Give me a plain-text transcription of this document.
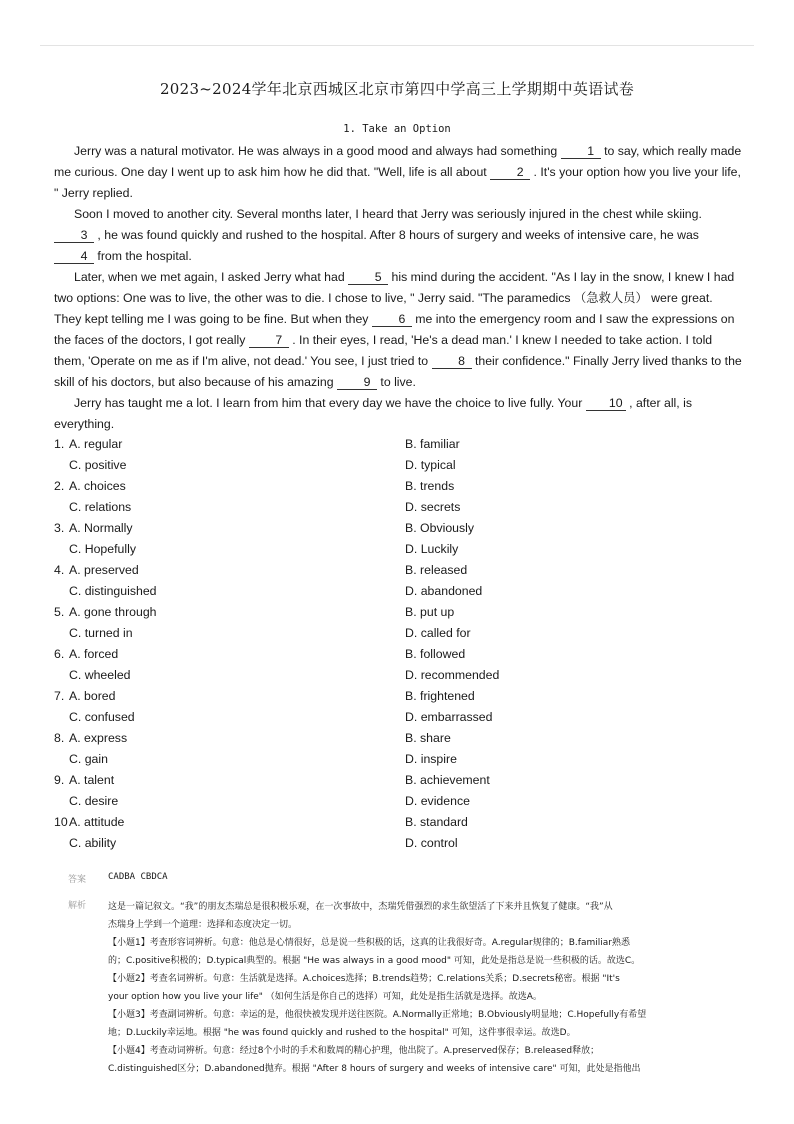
2023~2024学年北京西城区北京市第四中学高三上学期期中英语试卷
1. Take an Option

Jerry was a natural motivator. He was always in a good mood and always had something 1 to say, which really made me curious. One day I went up to ask him how he did that. "Well, life is all about 2 . It's your option how you live your life, " Jerry replied.

Soon I moved to another city. Several months later, I heard that Jerry was seriously injured in the chest while skiing. 3 , he was found quickly and rushed to the hospital. After 8 hours of surgery and weeks of intensive care, he was 4 from the hospital.

Later, when we met again, I asked Jerry what had 5 his mind during the accident. "As I lay in the snow, I knew I had two options: One was to live, the other was to die. I chose to live, " Jerry said. "The paramedics （急救人员） were great. They kept telling me I was going to be fine. But when they 6 me into the emergency room and I saw the expressions on the faces of the doctors, I got really 7 . In their eyes, I read, 'He's a dead man.' I knew I needed to take action. I told them, 'Operate on me as if I'm alive, not dead.' You see, I just tried to 8 their confidence." Finally Jerry lived thanks to the skill of his doctors, but also because of his amazing 9 to live.

Jerry has taught me a lot. I learn from him that every day we have the choice to live fully. Your 10 , after all, is everything.

1. A. regular	B. familiar
C. positive	D. typical
2. A. choices	B. trends
C. relations	D. secrets
3. A. Normally	B. Obviously
C. Hopefully	D. Luckily
4. A. preserved	B. released
C. distinguished	D. abandoned
5. A. gone through	B. put up
C. turned in	D. called for
6. A. forced	B. followed
C. wheeled	D. recommended
7. A. bored	B. frightened
C. confused	D. embarrassed
8. A. express	B. share
C. gain	D. inspire
9. A. talent	B. achievement
C. desire	D. evidence
10A. attitude	B. standard
C. ability	D. control
答案 CADBA CBDCA
解析 这是一篇记叙文。“我”的朋友杰瑞总是很积极乐观，在一次事故中，杰瑞凭借强烈的求生欲望活了下来并且恢复了健康。“我”从

杰瑞身上学到一个道理：选择和态度决定一切。

【小题1】考查形容词辨析。句意：他总是心情很好，总是说一些积极的话，这真的让我很好奇。A.regular规律的；B.familiar熟悉

的；C.positive积极的；D.typical典型的。根据 "He was always in a good mood" 可知，此处是指总是说一些积极的话。故选C。

【小题2】考查名词辨析。句意：生活就是选择。A.choices选择；B.trends趋势；C.relations关系；D.secrets秘密。根据 "It's

your option how you live your life" （如何生活是你自己的选择）可知，此处是指生活就是选择。故选A。

【小题3】考查副词辨析。句意：幸运的是，他很快被发现并送往医院。A.Normally正常地；B.Obviously明显地；C.Hopefully有希望

地；D.Luckily幸运地。根据 "he was found quickly and rushed to the hospital" 可知，这件事很幸运。故选D。

【小题4】考查动词辨析。句意：经过8个小时的手术和数周的精心护理，他出院了。A.preserved保存；B.released释放；

C.distinguished区分；D.abandoned抛弃。根据 "After 8 hours of surgery and weeks of intensive care" 可知，此处是指他出
